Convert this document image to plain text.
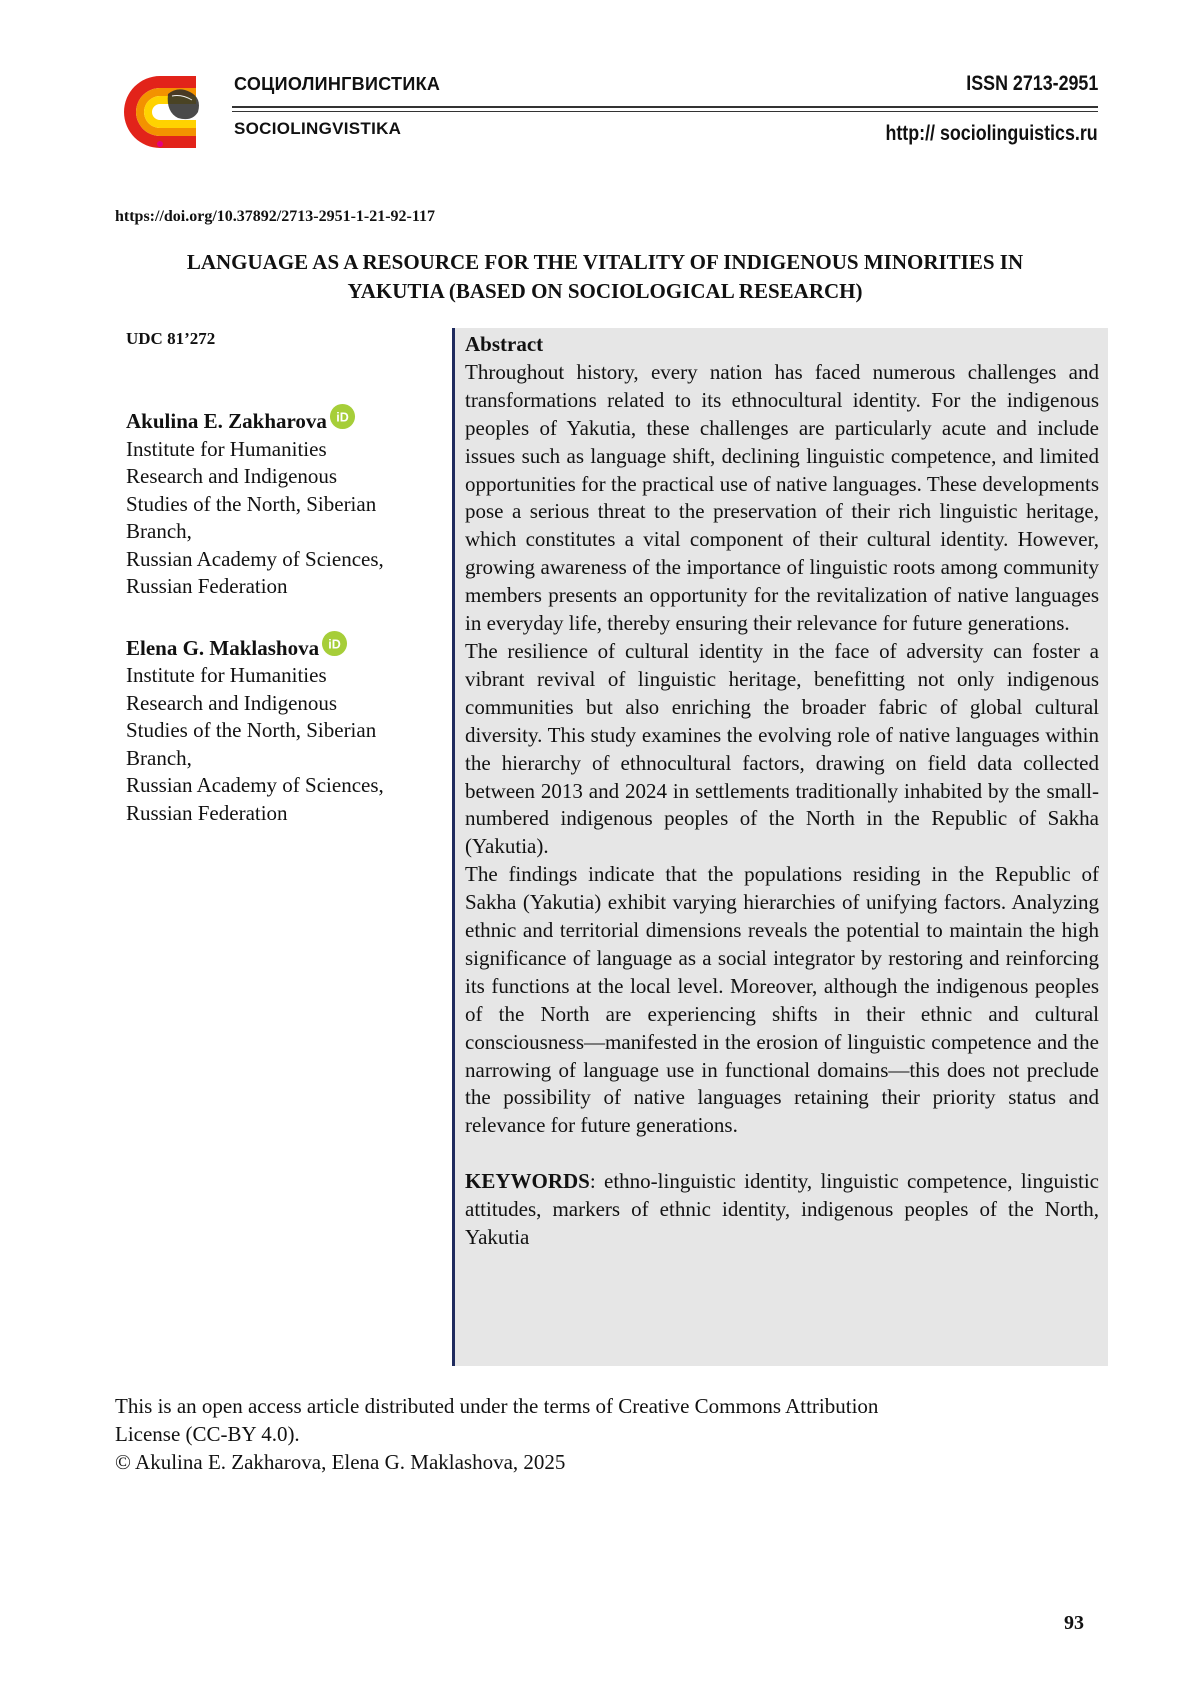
СОЦИОЛИНГВИСТИКА
SOCIOLINGVISTIKA
ISSN 2713-2951
http:// sociolinguistics.ru
https://doi.org/10.37892/2713-2951-1-21-92-117
LANGUAGE AS A RESOURCE FOR THE VITALITY OF INDIGENOUS MINORITIES IN
YAKUTIA (BASED ON SOCIOLOGICAL RESEARCH)
UDC 81’272
Akulina E. Zakharova iD
Institute for Humanities
Research and Indigenous
Studies of the North, Siberian
Branch,
Russian Academy of Sciences,
Russian Federation
Elena G. Maklashova iD
Institute for Humanities
Research and Indigenous
Studies of the North, Siberian
Branch,
Russian Academy of Sciences,
Russian Federation
Abstract

Throughout history, every nation has faced numerous challenges and transformations related to its ethnocultural identity. For the indigenous peoples of Yakutia, these challenges are particularly acute and include issues such as language shift, declining linguistic competence, and limited opportunities for the practical use of native languages. These developments pose a serious threat to the preservation of their rich linguistic heritage, which constitutes a vital component of their cultural identity. However, growing awareness of the importance of linguistic roots among community members presents an opportunity for the revitalization of native languages in everyday life, thereby ensuring their relevance for future generations.

The resilience of cultural identity in the face of adversity can foster a vibrant revival of linguistic heritage, benefitting not only indigenous communities but also enriching the broader fabric of global cultural diversity. This study examines the evolving role of native languages within the hierarchy of ethnocultural factors, drawing on field data collected between 2013 and 2024 in settlements traditionally inhabited by the small-numbered indigenous peoples of the North in the Republic of Sakha (Yakutia).

The findings indicate that the populations residing in the Republic of Sakha (Yakutia) exhibit varying hierarchies of unifying factors. Analyzing ethnic and territorial dimensions reveals the potential to maintain the high significance of language as a social integrator by restoring and reinforcing its functions at the local level. Moreover, although the indigenous peoples of the North are experiencing shifts in their ethnic and cultural consciousness—manifested in the erosion of linguistic competence and the narrowing of language use in functional domains—this does not preclude the possibility of native languages retaining their priority status and relevance for future generations.

KEYWORDS: ethno-linguistic identity, linguistic competence, linguistic attitudes, markers of ethnic identity, indigenous peoples of the North, Yakutia

This is an open access article distributed under the terms of Creative Commons Attribution

License (CC-BY 4.0).

© Akulina E. Zakharova, Elena G. Maklashova, 2025

93
